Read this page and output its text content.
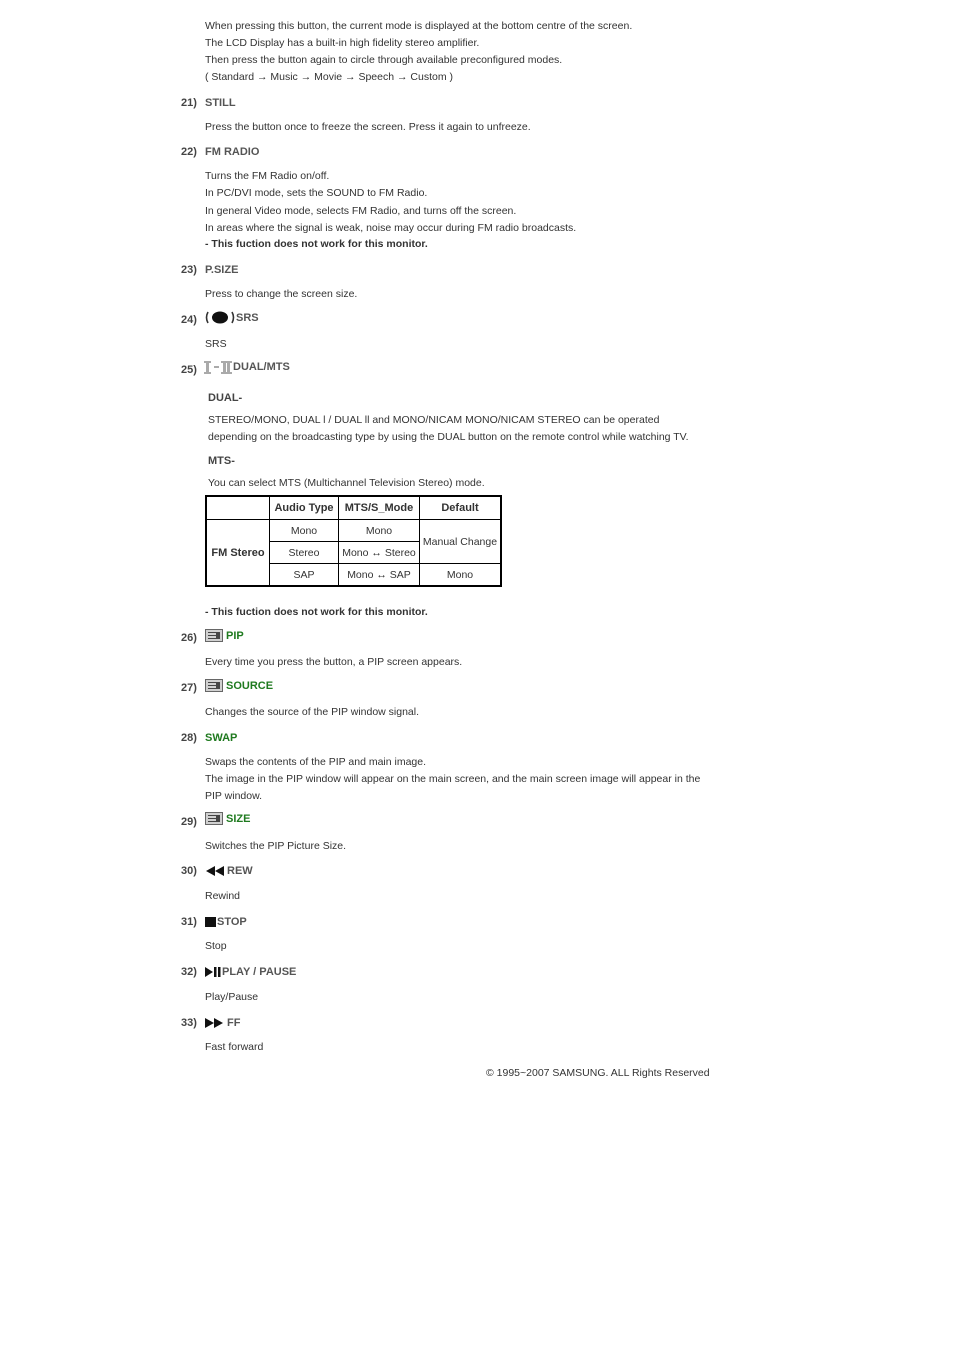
When pressing this button, the current mode is displayed at the bottom centre of the screen.
The LCD Display has a built-in high fidelity stereo amplifier.
Then press the button again to circle through available preconfigured modes.
( Standard → Music → Movie → Speech → Custom )
21) STILL
Press the button once to freeze the screen. Press it again to unfreeze.
22) FM RADIO
Turns the FM Radio on/off.
In PC/DVI mode, sets the SOUND to FM Radio.
In general Video mode, selects FM Radio, and turns off the screen.
In areas where the signal is weak, noise may occur during FM radio broadcasts.
- This fuction does not work for this monitor.
23) P.SIZE
Press to change the screen size.
24)	SRS
SRS
25)	DUAL/MTS
DUAL-
STEREO/MONO, DUAL l / DUAL ll and MONO/NICAM MONO/NICAM STEREO can be operated
depending on the broadcasting type by using the DUAL button on the remote control while watching TV.
MTS-
You can select MTS (Multichannel Television Stereo) mode.
	Audio Type	MTS/S_Mode	Default
FM Stereo	Mono	Mono	Manual Change
	Stereo	Mono ↔ Stereo	
	SAP	Mono ↔ SAP	Mono
- This fuction does not work for this monitor.
26)	PIP
Every time you press the button, a PIP screen appears.
27)	SOURCE
Changes the source of the PIP window signal.
28) SWAP
Swaps the contents of the PIP and main image.
The image in the PIP window will appear on the main screen, and the main screen image will appear in the
PIP window.
29)	SIZE
Switches the PIP Picture Size.
30)	REW
Rewind
31) STOP
Stop
32) PLAY / PAUSE
Play/Pause
33)	FF
Fast forward
© 1995~2007 SAMSUNG. ALL Rights Reserved
